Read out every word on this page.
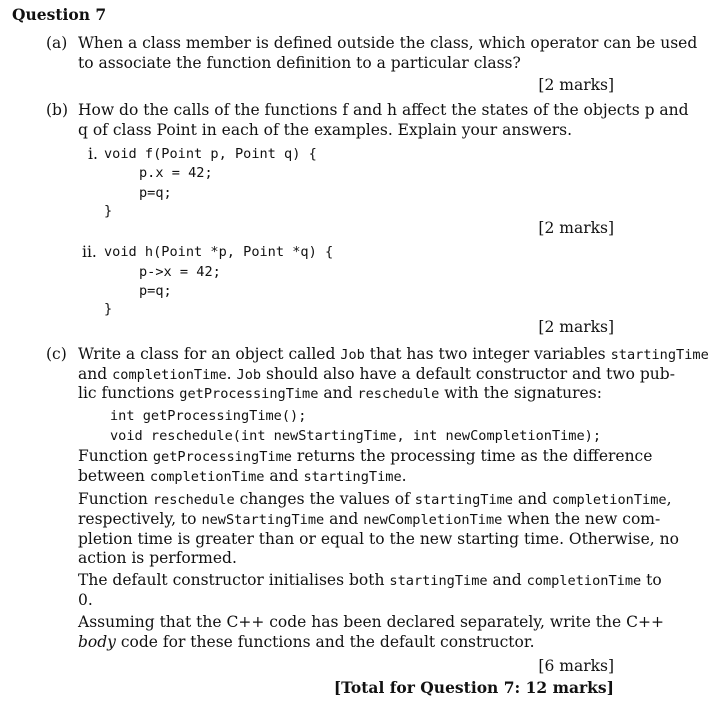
Question 7
(a) When a class member is defined outside the class, which operator can be used
to associate the function definition to a particular class?
[2 marks]
(b) How do the calls of the functions f and h affect the states of the objects p and
q of class Point in each of the examples. Explain your answers.
i. void f(Point p, Point q) {
p.x = 42;
p=q;
}
[2 marks]
ii. void h(Point *p, Point *q) {
p->x = 42;
p=q;
}
[2 marks]
(c) Write a class for an object called Job that has two integer variables startingTime
and completionTime. Job should also have a default constructor and two pub-
lic functions getProcessingTime and reschedule with the signatures:
int getProcessingTime();
void reschedule(int newStartingTime, int newCompletionTime);
Function getProcessingTime returns the processing time as the difference
between completionTime and startingTime.
Function reschedule changes the values of startingTime and completionTime,
respectively, to newStartingTime and newCompletionTime when the new com-
pletion time is greater than or equal to the new starting time. Otherwise, no
action is performed.
The default constructor initialises both startingTime and completionTime to
0.
Assuming that the C++ code has been declared separately, write the C++
body code for these functions and the default constructor.
[6 marks]
[Total for Question 7: 12 marks]
